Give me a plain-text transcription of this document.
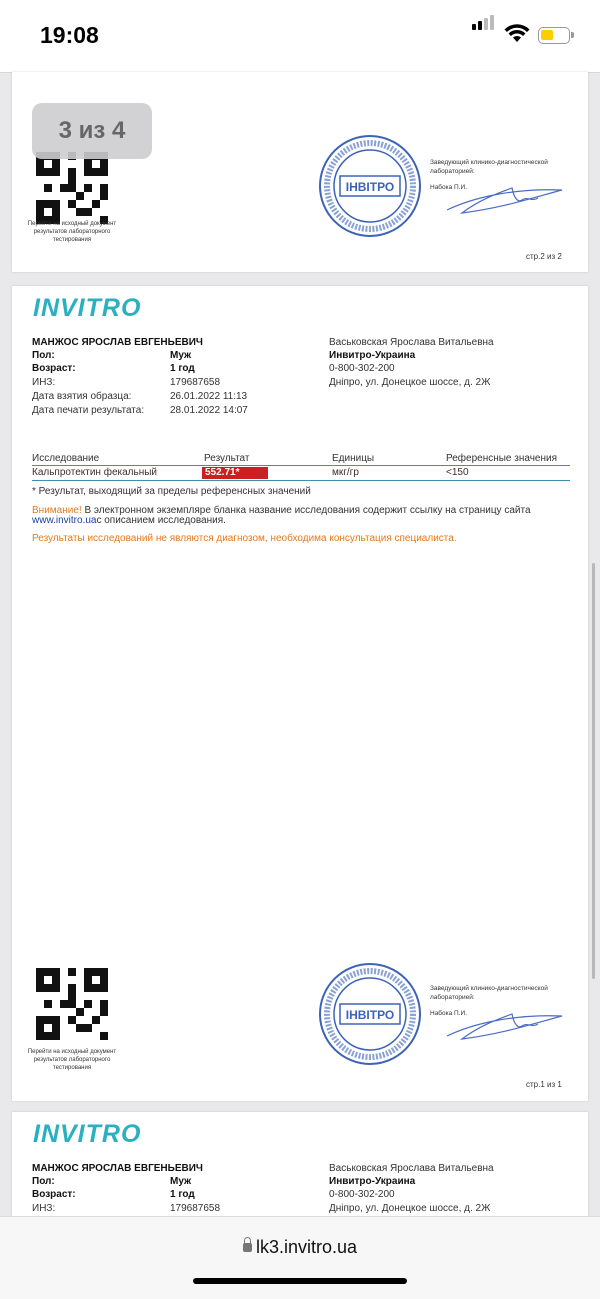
19:08
3 из 4
Перейти на исходный документ результатов лабораторного тестирования
ІНВІТРО
Заведующий клинико-диагностической лабораторией:
Набока П.И.
стр.2 из 2
INVITRO
МАНЖОС ЯРОСЛАВ ЕВГЕНЬЕВИЧ
Пол:	Муж
Возраст:	1 год
ИНЗ:	179687658
Дата взятия образца:	26.01.2022 11:13
Дата печати результата:	28.01.2022 14:07
Васьковская Ярослава Витальевна
Инвитро-Украина
0-800-302-200
Дніпро, ул. Донецкое шоссе, д. 2Ж
Исследование	Результат	Единицы	Референсные значения
Кальпротектин фекальный	552.71*	мкг/гр	<150
* Результат, выходящий за пределы референсных значений
Внимание! В электронном экземпляре бланка название исследования содержит ссылку на страницу сайта
www.invitro.uaс описанием исследования.
Результаты исследований не являются диагнозом, необходима консультация специалиста.
Перейти на исходный документ результатов лабораторного тестирования
ІНВІТРО
Заведующий клинико-диагностической лабораторией:
Набока П.И.
стр.1 из 1
INVITRO
МАНЖОС ЯРОСЛАВ ЕВГЕНЬЕВИЧ
Пол:	Муж
Возраст:	1 год
ИНЗ:	179687658
Васьковская Ярослава Витальевна
Инвитро-Украина
0-800-302-200
Дніпро, ул. Донецкое шоссе, д. 2Ж
lk3.invitro.ua
